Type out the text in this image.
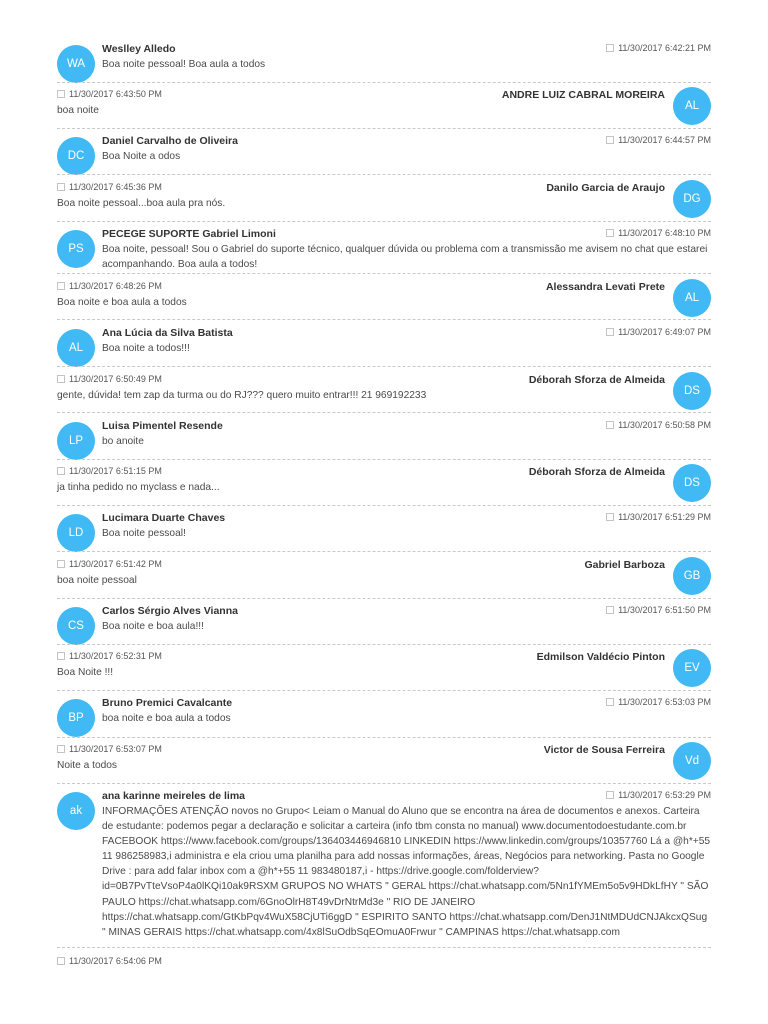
WA
Weslley Alledo	11/30/2017 6:42:21 PM
Boa noite pessoal! Boa aula a todos
AL
ANDRE LUIZ CABRAL MOREIRA
11/30/2017 6:43:50 PM
boa noite
DC
Daniel Carvalho de Oliveira	11/30/2017 6:44:57 PM
Boa Noite a odos
DG
Danilo Garcia de Araujo
11/30/2017 6:45:36 PM
Boa noite pessoal...boa aula pra nós.
PS
PECEGE SUPORTE Gabriel Limoni	11/30/2017 6:48:10 PM
Boa noite, pessoal! Sou o Gabriel do suporte técnico, qualquer dúvida ou problema com a transmissão me avisem no chat que estarei acompanhando. Boa aula a todos!
AL
Alessandra Levati Prete
11/30/2017 6:48:26 PM
Boa noite e boa aula a todos
AL
Ana Lúcia da Silva Batista	11/30/2017 6:49:07 PM
Boa noite a todos!!!
DS
Déborah Sforza de Almeida
11/30/2017 6:50:49 PM
gente, dúvida! tem zap da turma ou do RJ??? quero muito entrar!!! 21 969192233
LP
Luisa Pimentel Resende	11/30/2017 6:50:58 PM
bo anoite
DS
Déborah Sforza de Almeida
11/30/2017 6:51:15 PM
ja tinha pedido no myclass e nada...
LD
Lucimara Duarte Chaves	11/30/2017 6:51:29 PM
Boa noite pessoal!
GB
Gabriel Barboza
11/30/2017 6:51:42 PM
boa noite pessoal
CS
Carlos Sérgio Alves Vianna	11/30/2017 6:51:50 PM
Boa noite e boa aula!!!
EV
Edmilson Valdécio Pinton
11/30/2017 6:52:31 PM
Boa Noite !!!
BP
Bruno Premici Cavalcante	11/30/2017 6:53:03 PM
boa noite e boa aula a todos
Vd
Victor de Sousa Ferreira
11/30/2017 6:53:07 PM
Noite a todos
ak
ana karinne meireles de lima	11/30/2017 6:53:29 PM
INFORMAÇÕES ATENÇÃO novos no Grupo< Leiam o Manual do Aluno que se encontra na área de documentos e anexos. Carteira de estudante: podemos pegar a declaração e solicitar a carteira (info tbm consta no manual) www.documentodoestudante.com.br FACEBOOK https://www.facebook.com/groups/136403446946810 LINKEDIN https://www.linkedin.com/groups/10357760 Lá a @h*+55 11 986258983,i administra e ela criou uma planilha para add nossas informações, áreas, Negócios para networking. Pasta no Google Drive : para add falar inbox com a @h*+55 11 983480187,i - https://drive.google.com/folderview?id=0B7PvTteVsoP4a0lKQi10ak9RSXM GRUPOS NO WHATS " GERAL https://chat.whatsapp.com/5Nn1fYMEm5o5v9HDkLfHY " SÃO PAULO https://chat.whatsapp.com/6GnoOlrH8T49vDrNtrMd3e " RIO DE JANEIRO https://chat.whatsapp.com/GtKbPqv4WuX58CjUTi6ggD " ESPIRITO SANTO https://chat.whatsapp.com/DenJ1NtMDUdCNJAkcxQSug " MINAS GERAIS https://chat.whatsapp.com/4x8lSuOdbSqEOmuA0Frwur " CAMPINAS https://chat.whatsapp.com
11/30/2017 6:54:06 PM
